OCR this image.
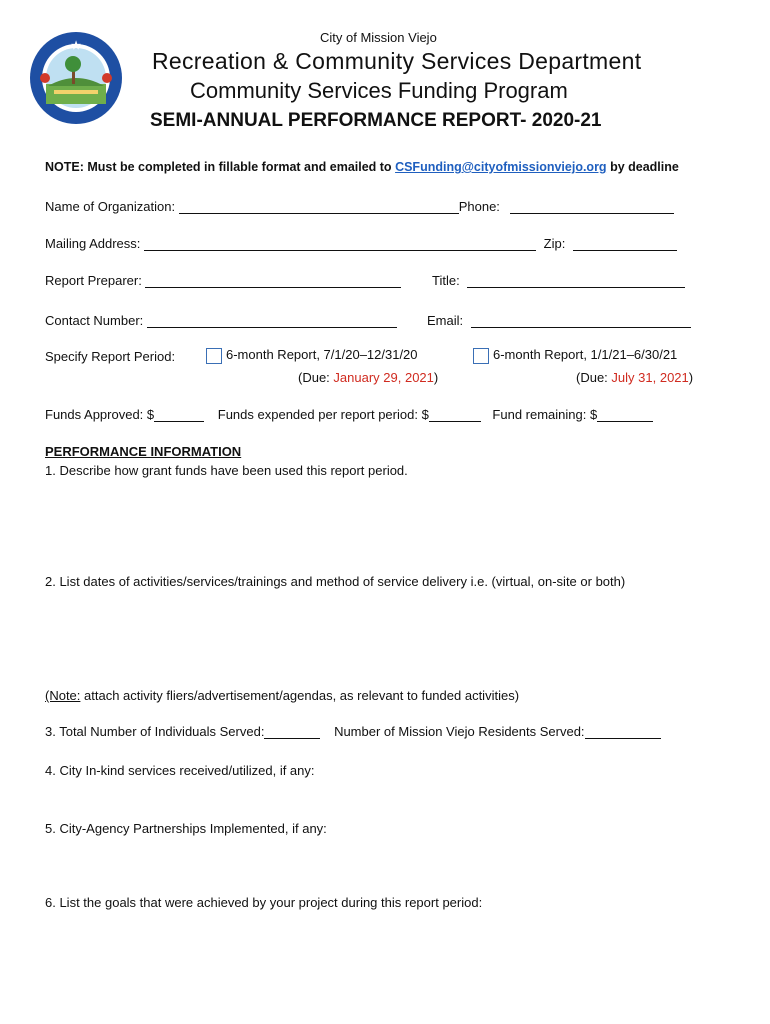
★
City of Mission Viejo
Recreation & Community Services Department
Community Services Funding Program
SEMI-ANNUAL PERFORMANCE REPORT- 2020-21
NOTE: Must be completed in fillable format and emailed to CSFunding@cityofmissionviejo.org by deadline
Name of Organization:	Phone:
Mailing Address:	Zip:
Report Preparer:	Title:
Contact Number:	Email:
Specify Report Period:	6-month Report, 7/1/20–12/31/20
(Due: January 29, 2021)
6-month Report, 1/1/21–6/30/21
(Due: July 31, 2021)
Funds Approved: $	Funds expended per report period: $	Fund remaining: $
PERFORMANCE INFORMATION
1. Describe how grant funds have been used this report period.
2. List dates of activities/services/trainings and method of service delivery i.e. (virtual, on-site or both)
(Note: attach activity fliers/advertisement/agendas, as relevant to funded activities)
3. Total Number of Individuals Served:	Number of Mission Viejo Residents Served:
4. City In-kind services received/utilized, if any:
5. City-Agency Partnerships Implemented, if any:
6. List the goals that were achieved by your project during this report period:
